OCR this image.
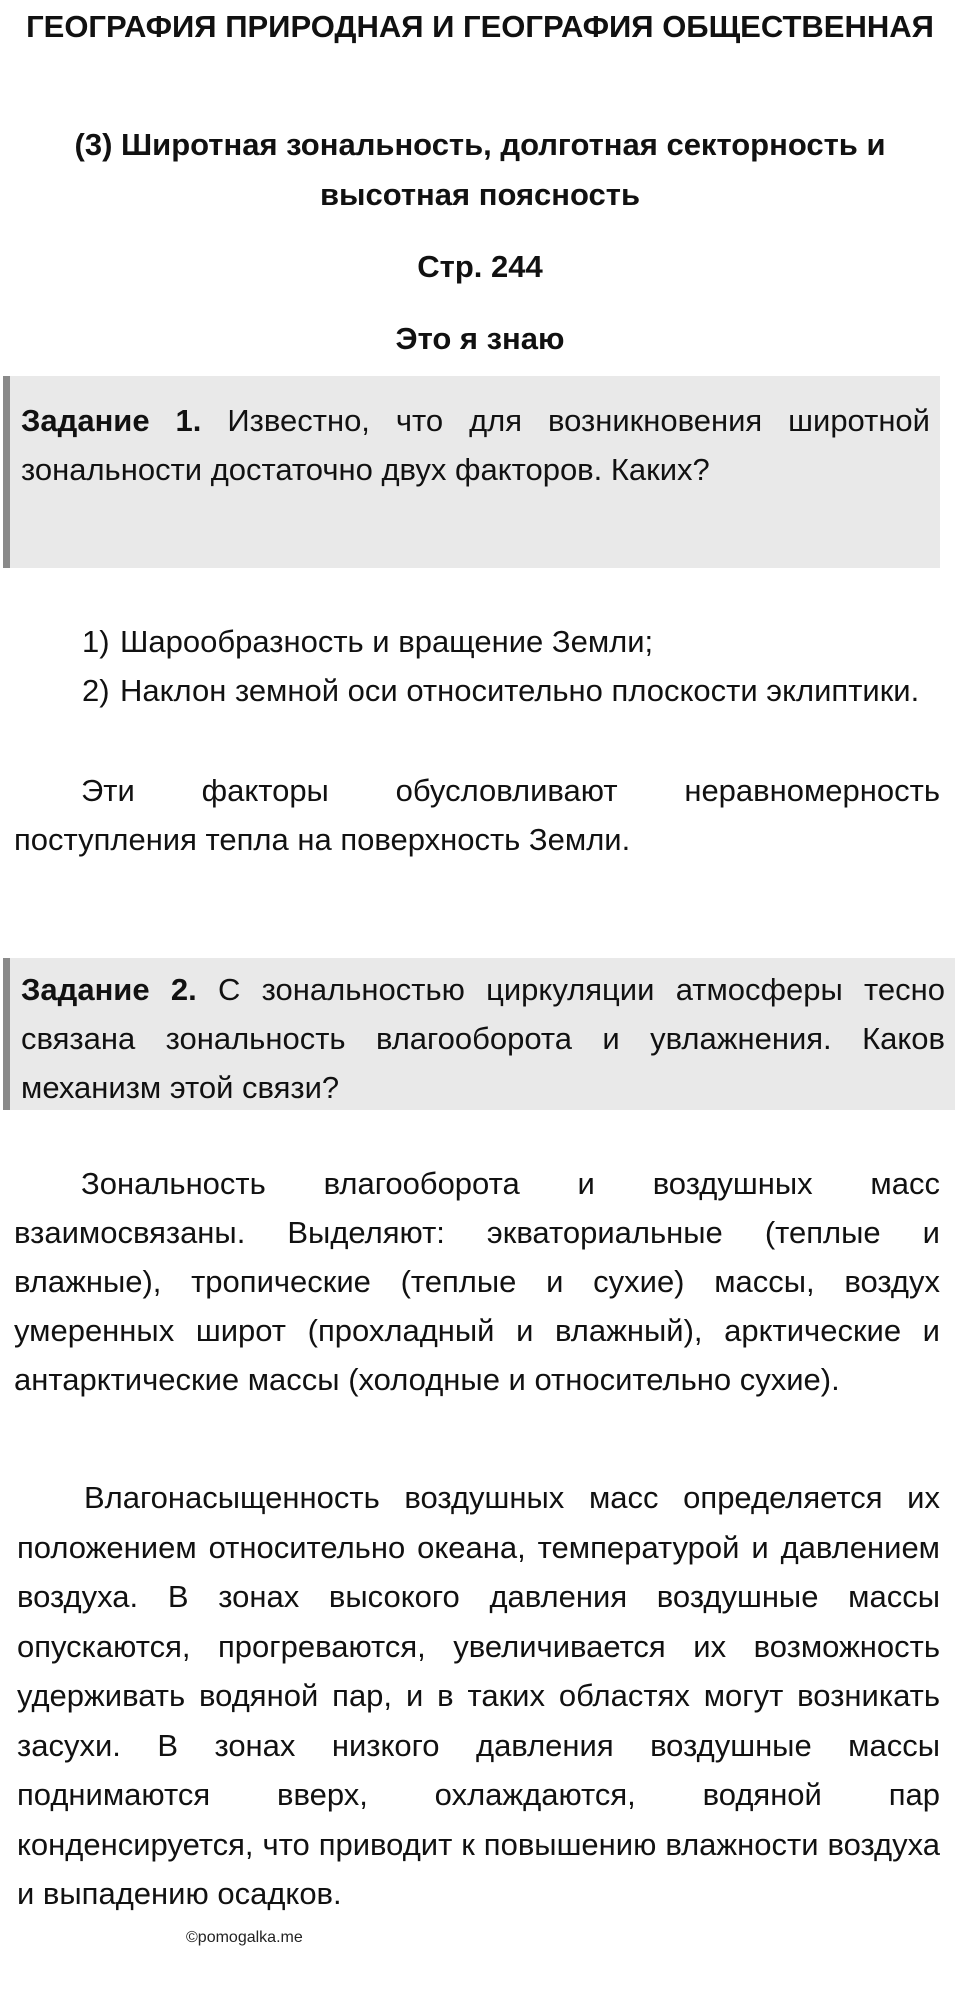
ГЕОГРАФИЯ ПРИРОДНАЯ И ГЕОГРАФИЯ ОБЩЕСТВЕННАЯ
(3) Широтная зональность, долготная секторность и высотная поясность
Стр. 244
Это я знаю
Задание 1. Известно, что для возникновения широтной зональности достаточно двух факторов. Каких?
1) Шарообразность и вращение Земли;
2) Наклон земной оси относительно плоскости эклиптики.
Эти факторы обусловливают неравномерность поступления тепла на поверхность Земли.
Задание 2. С зональностью циркуляции атмосферы тесно связана зональность влагооборота и увлажнения. Каков механизм этой связи?
Зональность влагооборота и воздушных масс взаимосвязаны. Выделяют: экваториальные (теплые и влажные), тропические (теплые и сухие) массы, воздух умеренных широт (прохладный и влажный), арктические и антарктические массы (холодные и относительно сухие).
Влагонасыщенность воздушных масс определяется их положением относительно океана, температурой и давлением воздуха. В зонах высокого давления воздушные массы опускаются, прогреваются, увеличивается их возможность удерживать водяной пар, и в таких областях могут возникать засухи. В зонах низкого давления воздушные массы поднимаются вверх, охлаждаются, водяной пар конденсируется, что приводит к повышению влажности воздуха и выпадению осадков.
©pomogalka.me
